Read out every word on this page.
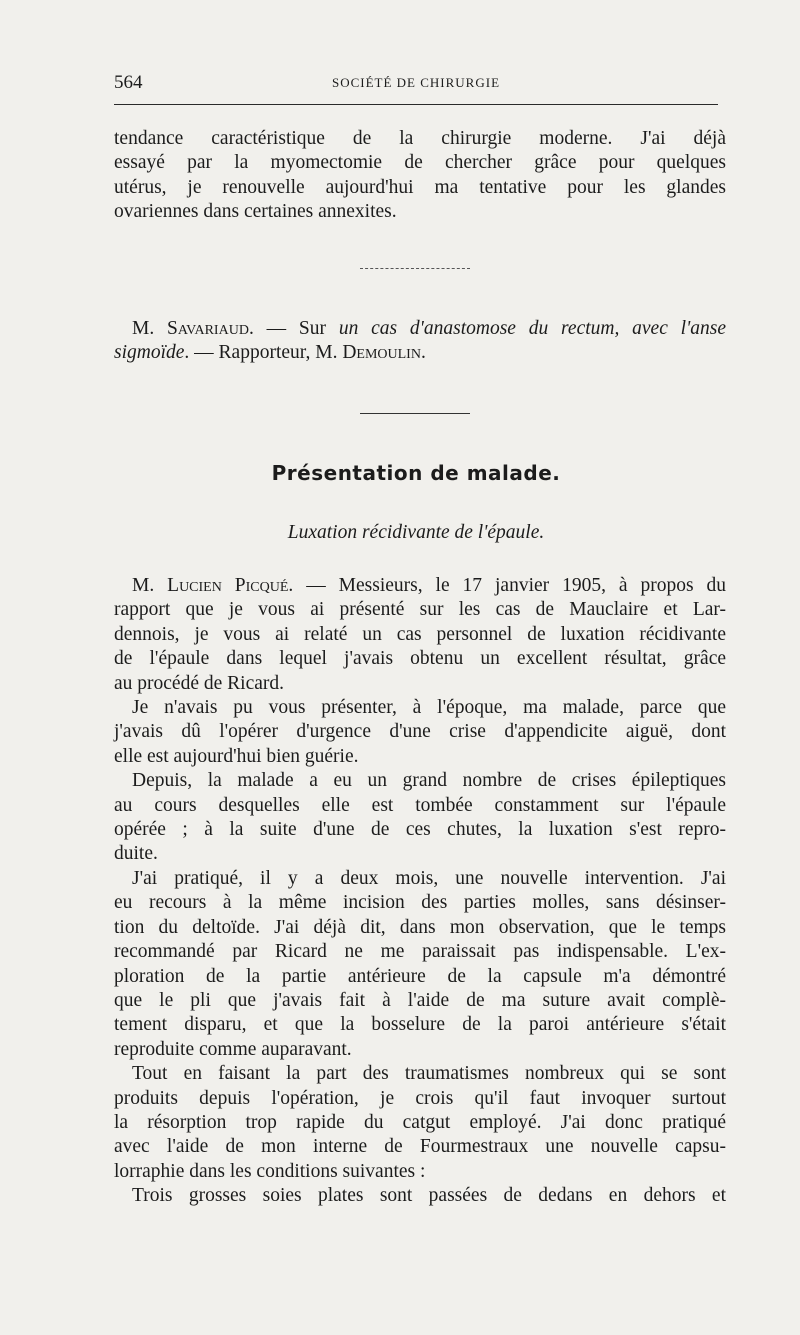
564	SOCIÉTÉ DE CHIRURGIE
tendance caractéristique de la chirurgie moderne. J'ai déjà
essayé par la myomectomie de chercher grâce pour quelques
utérus, je renouvelle aujourd'hui ma tentative pour les glandes
ovariennes dans certaines annexites.
M. Savariaud. — Sur un cas d'anastomose du rectum, avec l'anse
sigmoïde. — Rapporteur, M. Demoulin.
Présentation de malade.
Luxation récidivante de l'épaule.
M. Lucien Picqué. — Messieurs, le 17 janvier 1905, à propos du
rapport que je vous ai présenté sur les cas de Mauclaire et Lar-
dennois, je vous ai relaté un cas personnel de luxation récidivante
de l'épaule dans lequel j'avais obtenu un excellent résultat, grâce
au procédé de Ricard.
Je n'avais pu vous présenter, à l'époque, ma malade, parce que
j'avais dû l'opérer d'urgence d'une crise d'appendicite aiguë, dont
elle est aujourd'hui bien guérie.
Depuis, la malade a eu un grand nombre de crises épileptiques
au cours desquelles elle est tombée constamment sur l'épaule
opérée ; à la suite d'une de ces chutes, la luxation s'est repro-
duite.
J'ai pratiqué, il y a deux mois, une nouvelle intervention. J'ai
eu recours à la même incision des parties molles, sans désinser-
tion du deltoïde. J'ai déjà dit, dans mon observation, que le temps
recommandé par Ricard ne me paraissait pas indispensable. L'ex-
ploration de la partie antérieure de la capsule m'a démontré
que le pli que j'avais fait à l'aide de ma suture avait complè-
tement disparu, et que la bosselure de la paroi antérieure s'était
reproduite comme auparavant.
Tout en faisant la part des traumatismes nombreux qui se sont
produits depuis l'opération, je crois qu'il faut invoquer surtout
la résorption trop rapide du catgut employé. J'ai donc pratiqué
avec l'aide de mon interne de Fourmestraux une nouvelle capsu-
lorraphie dans les conditions suivantes :
Trois grosses soies plates sont passées de dedans en dehors et
